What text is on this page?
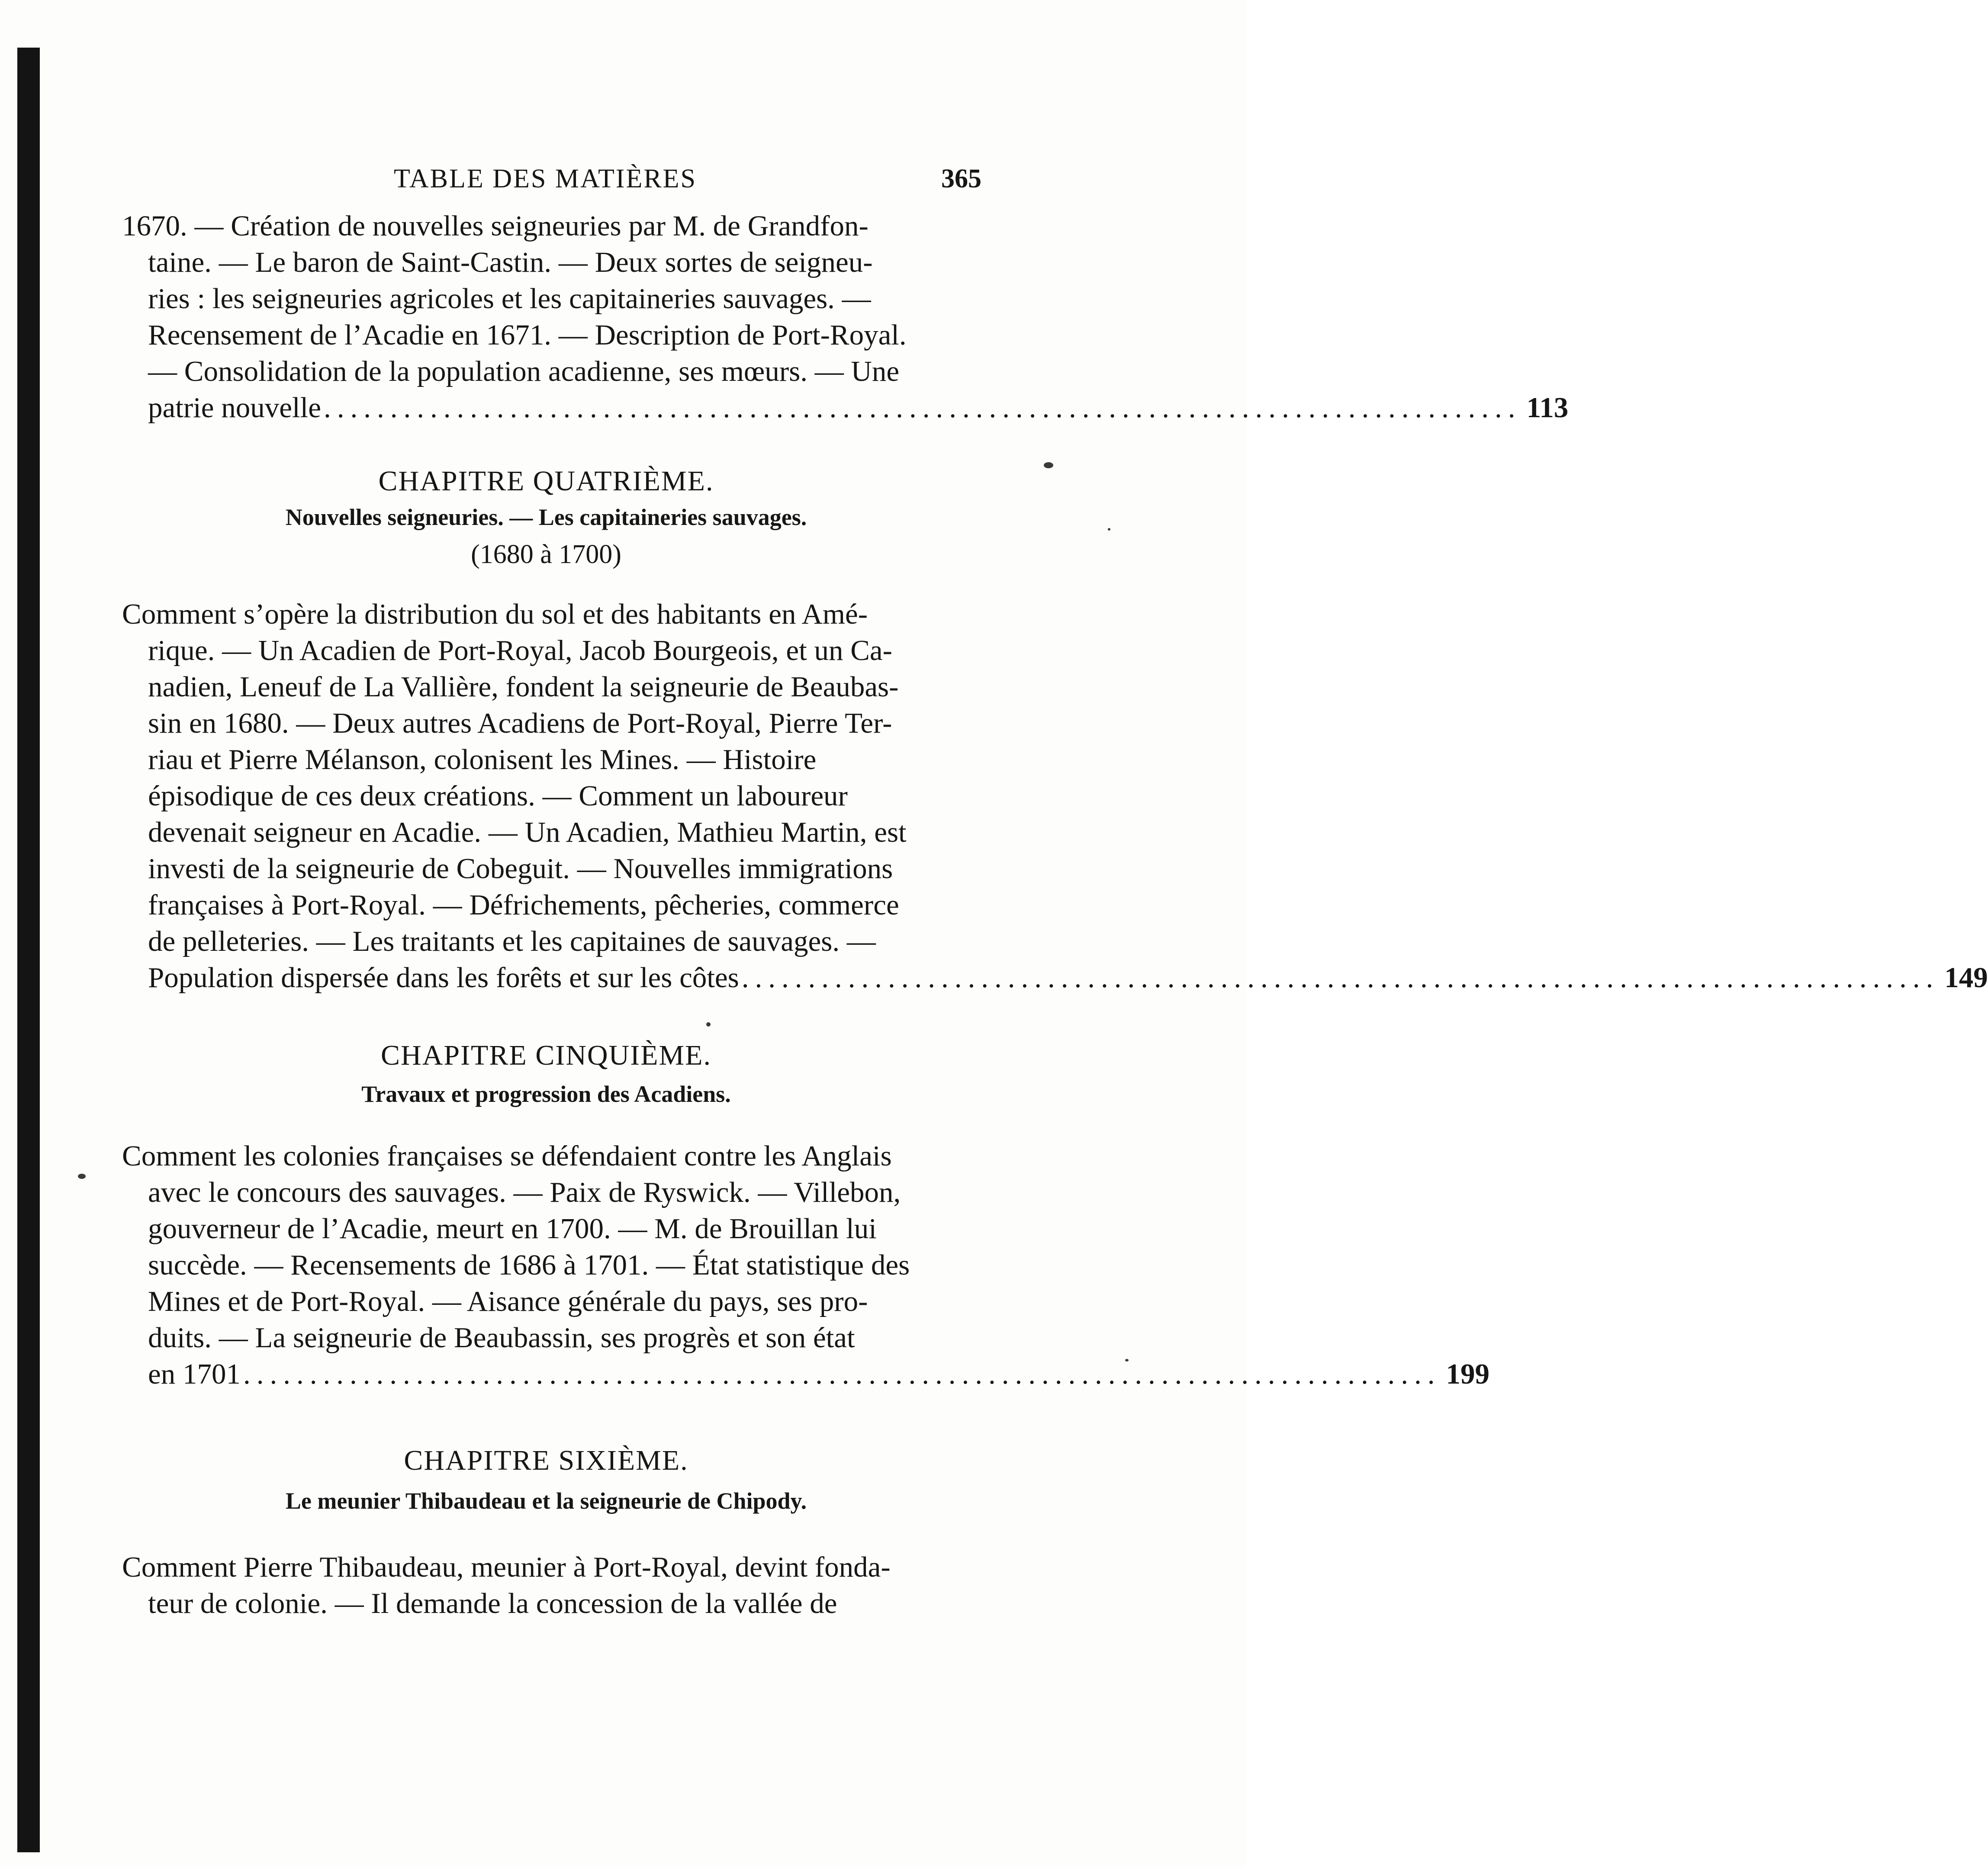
TABLE DES MATIÈRES	365
1670. — Création de nouvelles seigneuries par M. de Grandfon-
taine. — Le baron de Saint-Castin. — Deux sortes de seigneu-
ries : les seigneuries agricoles et les capitaineries sauvages. —
Recensement de l’Acadie en 1671. — Description de Port-Royal.
— Consolidation de la population acadienne, ses mœurs. — Une
patrie nouvelle .......................................................................................... 113

CHAPITRE QUATRIÈME.

Nouvelles seigneuries. — Les capitaineries sauvages.

(1680 à 1700)

Comment s’opère la distribution du sol et des habitants en Amé-
rique. — Un Acadien de Port-Royal, Jacob Bourgeois, et un Ca-
nadien, Leneuf de La Vallière, fondent la seigneurie de Beaubas-
sin en 1680. — Deux autres Acadiens de Port-Royal, Pierre Ter-
riau et Pierre Mélanson, colonisent les Mines. — Histoire
épisodique de ces deux créations. — Comment un laboureur
devenait seigneur en Acadie. — Un Acadien, Mathieu Martin, est
investi de la seigneurie de Cobeguit. — Nouvelles immigrations
françaises à Port-Royal. — Défrichements, pêcheries, commerce
de pelleteries. — Les traitants et les capitaines de sauvages. —
Population dispersée dans les forêts et sur les côtes .......................................................................................... 149

CHAPITRE CINQUIÈME.

Travaux et progression des Acadiens.

Comment les colonies françaises se défendaient contre les Anglais
avec le concours des sauvages. — Paix de Ryswick. — Villebon,
gouverneur de l’Acadie, meurt en 1700. — M. de Brouillan lui
succède. — Recensements de 1686 à 1701. — État statistique des
Mines et de Port-Royal. — Aisance générale du pays, ses pro-
duits. — La seigneurie de Beaubassin, ses progrès et son état
en 1701 .......................................................................................... 199

CHAPITRE SIXIÈME.

Le meunier Thibaudeau et la seigneurie de Chipody.

Comment Pierre Thibaudeau, meunier à Port-Royal, devint fonda-
teur de colonie. — Il demande la concession de la vallée de
